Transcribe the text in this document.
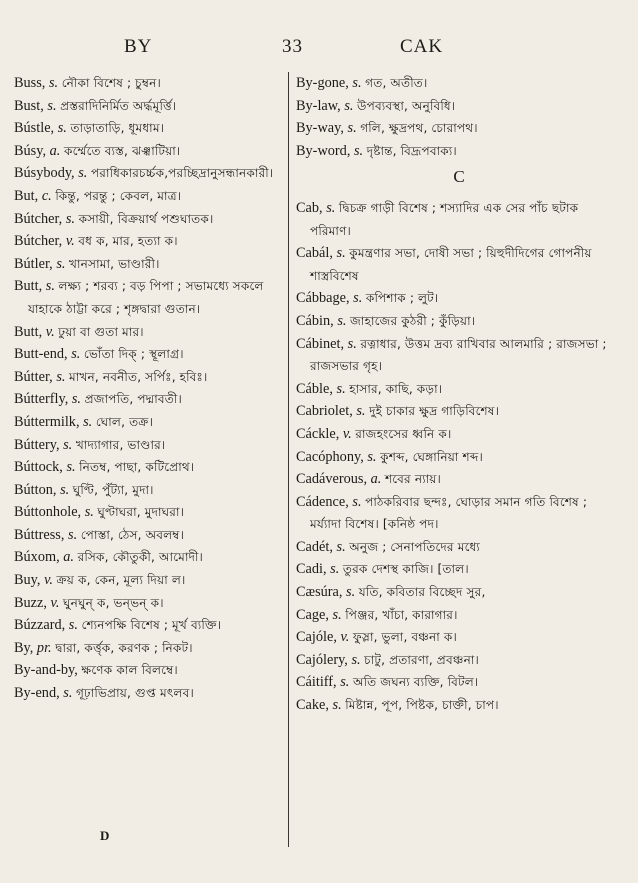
BY	33	CAK

Buss, s. নৌকা বিশেষ ; চুম্বন।

Bust, s. প্রস্তরাদিনির্মিত অর্দ্ধমূর্ত্তি।

Bústle, s. তাড়াতাড়ি, ধূমধাম।

Búsy, a. কর্ম্মেতে ব্যস্ত, ঝঞ্ঝাটিয়া।

Búsybody, s. পরাধিকারচর্চ্চক,পরচ্ছিদ্রানুসন্ধানকারী।

But, c. কিন্তু, পরন্তু ; কেবল, মাত্র।

Bútcher, s. কসায়ী, বিক্রয়ার্থ পশুঘাতক।

Bútcher, v. বধ ক, মার, হত্যা ক।

Bútler, s. খানসামা, ভাণ্ডারী।

Butt, s. লক্ষ্য ; শরব্য ; বড় পিপা ; সভামধ্যে সকলে যাহাকে ঠাট্টা করে ; শৃঙ্গদ্বারা গুতান।

Butt, v. ঢুয়া বা গুতা মার।

Butt-end, s. ভোঁতা দিক্ ; স্থূলাগ্র।

Bútter, s. মাখন, নবনীত, সর্পিঃ, হবিঃ।

Bútterfly, s. প্রজাপতি, পদ্মাবতী।

Búttermilk, s. ঘোল, তক্র।

Búttery, s. খাদ্যাগার, ভাণ্ডার।

Búttock, s. নিতম্ব, পাছা, কটিপ্রোথ।

Bútton, s. ঘুণ্টি, পুঁট্যা, মুদা।

Búttonhole, s. ঘুণ্টাঘরা, মুদাঘরা।

Búttress, s. পোস্তা, ঠেস, অবলম্ব।

Búxom, a. রসিক, কৌতুকী, আমোদী।

Buy, v. ক্রয় ক, কেন, মূল্য দিয়া ল।

Buzz, v. ঘুনঘুন্ ক, ভন্ভন্ ক।

Búzzard, s. শ্যেনপক্ষি বিশেষ ; মূর্খ ব্যক্তি।

By, pr. দ্বারা, কর্ত্তৃক, করণক ; নিকট।

By-and-by, ক্ষণেক কাল বিলম্বে।

By-end, s. গূঢ়াভিপ্রায়, গুপ্ত মৎলব।

By-gone, s. গত, অতীত।

By-law, s. উপব্যবস্থা, অনুবিধি।

By-way, s. গলি, ক্ষুদ্রপথ, চোরাপথ।

By-word, s. দৃষ্টান্ত, বিদ্রূপবাক্য।

C

Cab, s. দ্বিচক্র গাড়ী বিশেষ ; শস্যাদির এক সের পাঁচ ছটাক পরিমাণ।

Cabál, s. কুমন্ত্রণার সভা, দোষী সভা ; য়িহুদীদিগের গোপনীয় শাস্ত্রবিশেষ

Cábbage, s. কপিশাক ; লুট।

Cábin, s. জাহাজের কুঠরী ; কুঁড়িয়া।

Cábinet, s. রত্নাধার, উত্তম দ্রব্য রাখিবার আলমারি ; রাজসভা ; রাজসভার গৃহ।

Cáble, s. হাসার, কাছি, কড়া।

Cabriolet, s. দুই চাকার ক্ষুদ্র গাড়িবিশেষ।

Cáckle, v. রাজহংসের ধ্বনি ক।

Cacóphony, s. কুশব্দ, ঘেঙ্গানিয়া শব্দ।

Cadáverous, a. শবের ন্যায়।

Cádence, s. পাঠকরিবার ছন্দঃ, ঘোড়ার সমান গতি বিশেষ ; মর্য্যাদা বিশেষ। [কনিষ্ঠ পদ।

Cadét, s. অনুজ ; সেনাপতিদের মধ্যে

Cadi, s. তুরক দেশস্থ কাজি। [তাল।

Cæsúra, s. যতি, কবিতার বিচ্ছেদ সুর,

Cage, s. পিঞ্জর, খাঁচা, কারাগার।

Cajóle, v. ফুস্লা, ভুলা, বঞ্চনা ক।

Cajólery, s. চাটু, প্রতারণা, প্রবঞ্চনা।

Cáitiff, s. অতি জঘন্য ব্যক্তি, বিটল।

Cake, s. মিষ্টান্ন, পূপ, পিষ্টক, চাক্তী, চাপ।

D
